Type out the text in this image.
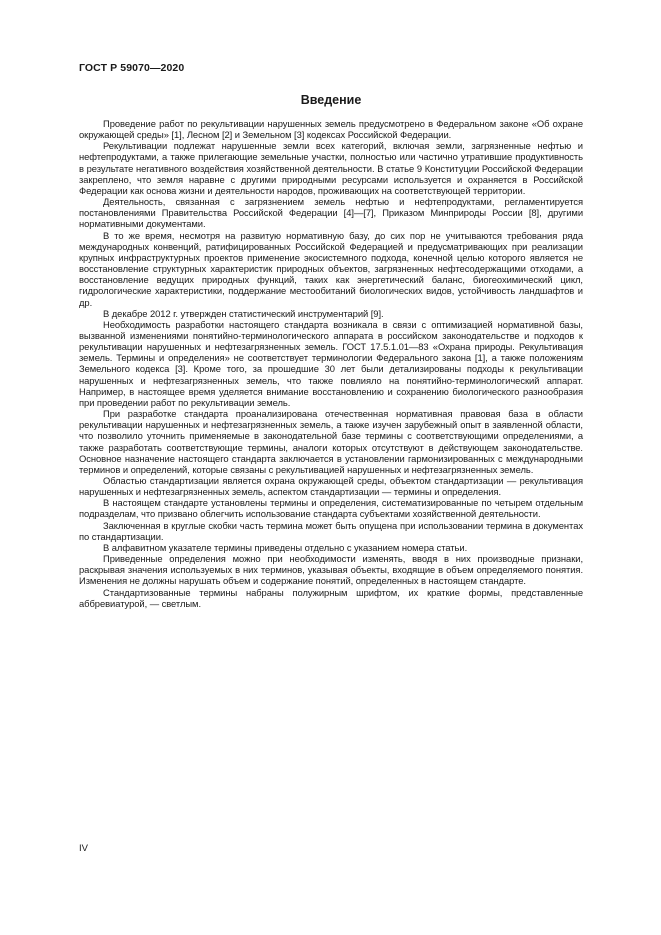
ГОСТ Р 59070—2020
Введение

Проведение работ по рекультивации нарушенных земель предусмотрено в Федеральном законе «Об охране окружающей среды» [1], Лесном [2] и Земельном [3] кодексах Российской Федерации.

Рекультивации подлежат нарушенные земли всех категорий, включая земли, загрязненные нефтью и нефтепродуктами, а также прилегающие земельные участки, полностью или частично утратившие продуктивность в результате негативного воздействия хозяйственной деятельности. В статье 9 Конституции Российской Федерации закреплено, что земля наравне с другими природными ресурсами используется и охраняется в Российской Федерации как основа жизни и деятельности народов, проживающих на соответствующей территории.

Деятельность, связанная с загрязнением земель нефтью и нефтепродуктами, регламентируется постановлениями Правительства Российской Федерации [4]—[7], Приказом Минприроды России [8], другими нормативными документами.

В то же время, несмотря на развитую нормативную базу, до сих пор не учитываются требования ряда международных конвенций, ратифицированных Российской Федерацией и предусматривающих при реализации крупных инфраструктурных проектов применение экосистемного подхода, конечной целью которого является не восстановление структурных характеристик природных объектов, загрязненных нефтесодержащими отходами, а восстановление ведущих природных функций, таких как энергетический баланс, биогеохимический цикл, гидрологические характеристики, поддержание местообитаний биологических видов, устойчивость ландшафтов и др.

В декабре 2012 г. утвержден статистический инструментарий [9].

Необходимость разработки настоящего стандарта возникала в связи с оптимизацией нормативной базы, вызванной изменениями понятийно-терминологического аппарата в российском законодательстве и подходов к рекультивации нарушенных и нефтезагрязненных земель. ГОСТ 17.5.1.01—83 «Охрана природы. Рекультивация земель. Термины и определения» не соответствует терминологии Федерального закона [1], а также положениям Земельного кодекса [3]. Кроме того, за прошедшие 30 лет были детализированы подходы к рекультивации нарушенных и нефтезагрязненных земель, что также повлияло на понятийно-терминологический аппарат. Например, в настоящее время уделяется внимание восстановлению и сохранению биологического разнообразия при проведении работ по рекультивации земель.

При разработке стандарта проанализирована отечественная нормативная правовая база в области рекультивации нарушенных и нефтезагрязненных земель, а также изучен зарубежный опыт в заявленной области, что позволило уточнить применяемые в законодательной базе термины с соответствующими определениями, а также разработать соответствующие термины, аналоги которых отсутствуют в действующем законодательстве. Основное назначение настоящего стандарта заключается в установлении гармонизированных с международными терминов и определений, которые связаны с рекультивацией нарушенных и нефтезагрязненных земель.

Областью стандартизации является охрана окружающей среды, объектом стандартизации — рекультивация нарушенных и нефтезагрязненных земель, аспектом стандартизации — термины и определения.

В настоящем стандарте установлены термины и определения, систематизированные по четырем отдельным подразделам, что призвано облегчить использование стандарта субъектами хозяйственной деятельности.

Заключенная в круглые скобки часть термина может быть опущена при использовании термина в документах по стандартизации.

В алфавитном указателе термины приведены отдельно с указанием номера статьи.

Приведенные определения можно при необходимости изменять, вводя в них производные признаки, раскрывая значения используемых в них терминов, указывая объекты, входящие в объем определяемого понятия. Изменения не должны нарушать объем и содержание понятий, определенных в настоящем стандарте.

Стандартизованные термины набраны полужирным шрифтом, их краткие формы, представленные аббревиатурой, — светлым.

IV
